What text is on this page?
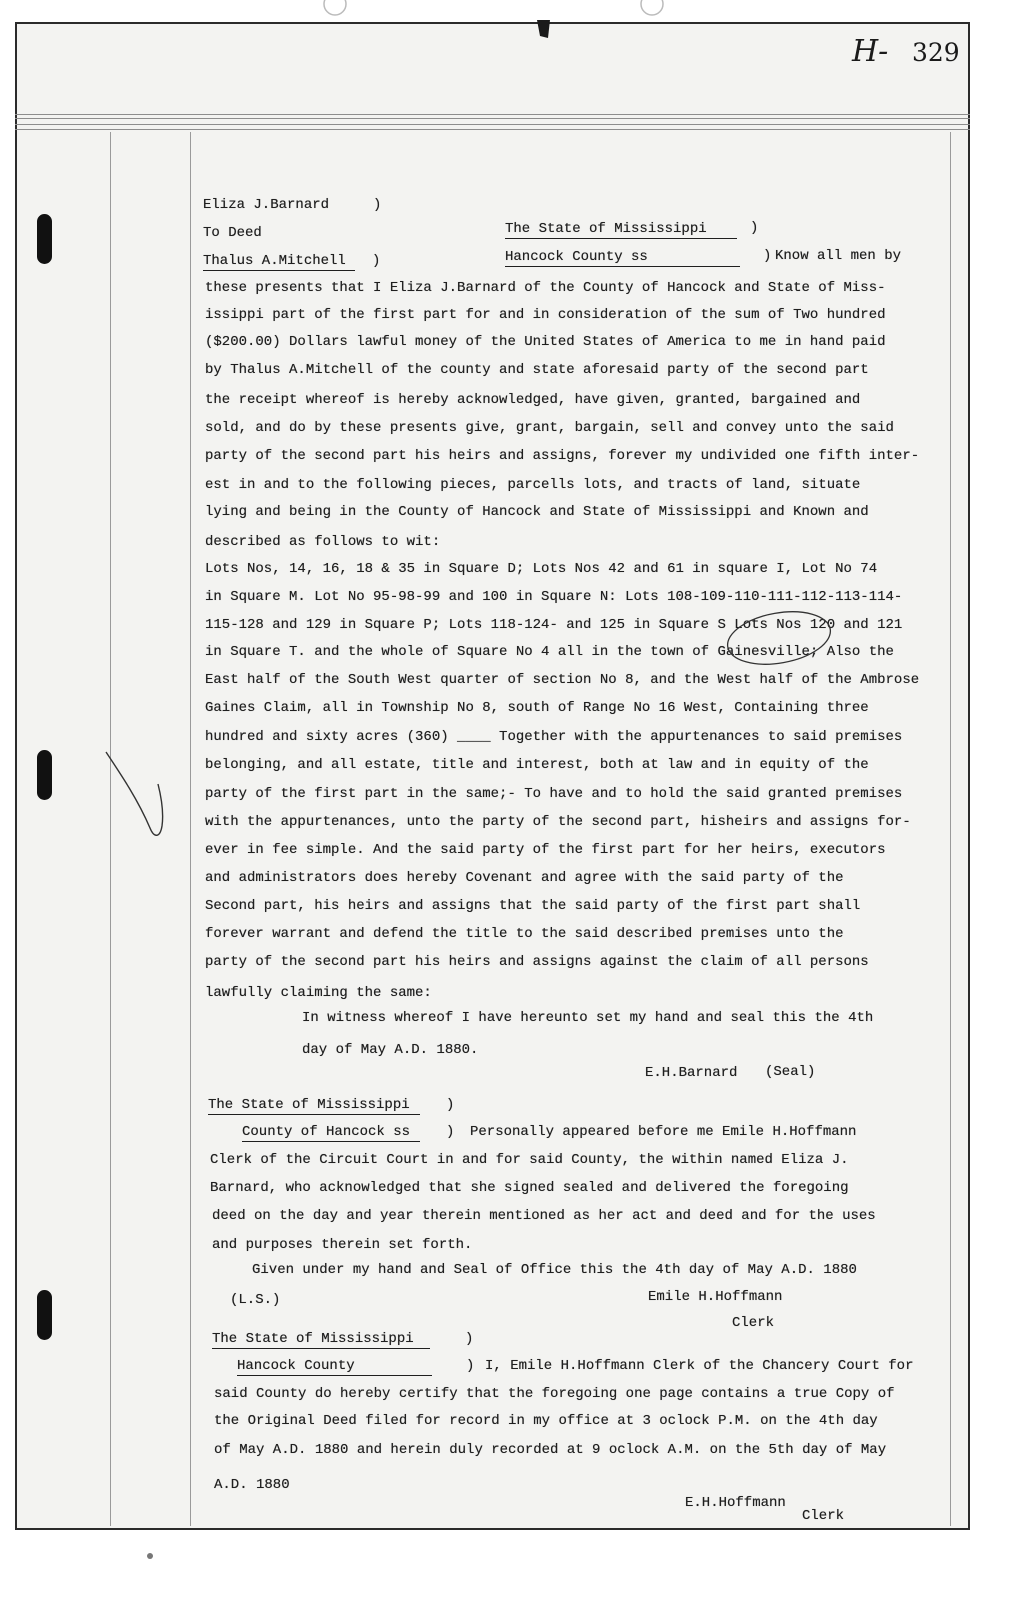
H- 329
Eliza J.Barnard	)
To Deed	The State of Mississippi	)
Thalus A.Mitchell	)	Hancock County ss	) Know all men by
these presents that I Eliza J.Barnard of the County of Hancock and State of Miss-
issippi part of the first part for and in consideration of the sum of Two hundred
($200.00) Dollars lawful money of the United States of America to me in hand paid
by Thalus A.Mitchell of the county and state aforesaid party of the second part
the receipt whereof is hereby acknowledged, have given, granted, bargained and
sold, and do by these presents give, grant, bargain, sell and convey unto the said
party of the second part his heirs and assigns, forever my undivided one fifth inter-
est in and to the following pieces, parcells lots, and tracts of land, situate
lying and being in the County of Hancock and State of Mississippi and Known and
described as follows to wit:
Lots Nos, 14, 16, 18 & 35 in Square D; Lots Nos 42 and 61 in square I, Lot No 74
in Square M. Lot No 95-98-99 and 100 in Square N: Lots 108-109-110-111-112-113-114-
115-128 and 129 in Square P; Lots 118-124- and 125 in Square S Lots Nos 120 and 121
in Square T. and the whole of Square No 4 all in the town of Gainesville; Also the
East half of the South West quarter of section No 8, and the West half of the Ambrose
Gaines Claim, all in Township No 8, south of Range No 16 West, Containing three
hundred and sixty acres (360) ____ Together with the appurtenances to said premises
belonging, and all estate, title and interest, both at law and in equity of the
party of the first part in the same;- To have and to hold the said granted premises
with the appurtenances, unto the party of the second part, hisheirs and assigns for-
ever in fee simple. And the said party of the first part for her heirs, executors
and administrators does hereby Covenant and agree with the said party of the
Second part, his heirs and assigns that the said party of the first part shall
forever warrant and defend the title to the said described premises unto the
party of the second part his heirs and assigns against the claim of all persons
lawfully claiming the same:
In witness whereof I have hereunto set my hand and seal this the 4th
day of May A.D. 1880.
E.H.Barnard (Seal)
The State of Mississippi	)
County of Hancock ss	) Personally appeared before me Emile H.Hoffmann
Clerk of the Circuit Court in and for said County, the within named Eliza J.
Barnard, who acknowledged that she signed sealed and delivered the foregoing
deed on the day and year therein mentioned as her act and deed and for the uses
and purposes therein set forth.
Given under my hand and Seal of Office this the 4th day of May A.D. 1880
(L.S.)	Emile H.Hoffmann
Clerk
The State of Mississippi	)
Hancock County	) I, Emile H.Hoffmann Clerk of the Chancery Court for
said County do hereby certify that the foregoing one page contains a true Copy of
the Original Deed filed for record in my office at 3 oclock P.M. on the 4th day
of May A.D. 1880 and herein duly recorded at 9 oclock A.M. on the 5th day of May
A.D. 1880
E.H.Hoffmann
Clerk
